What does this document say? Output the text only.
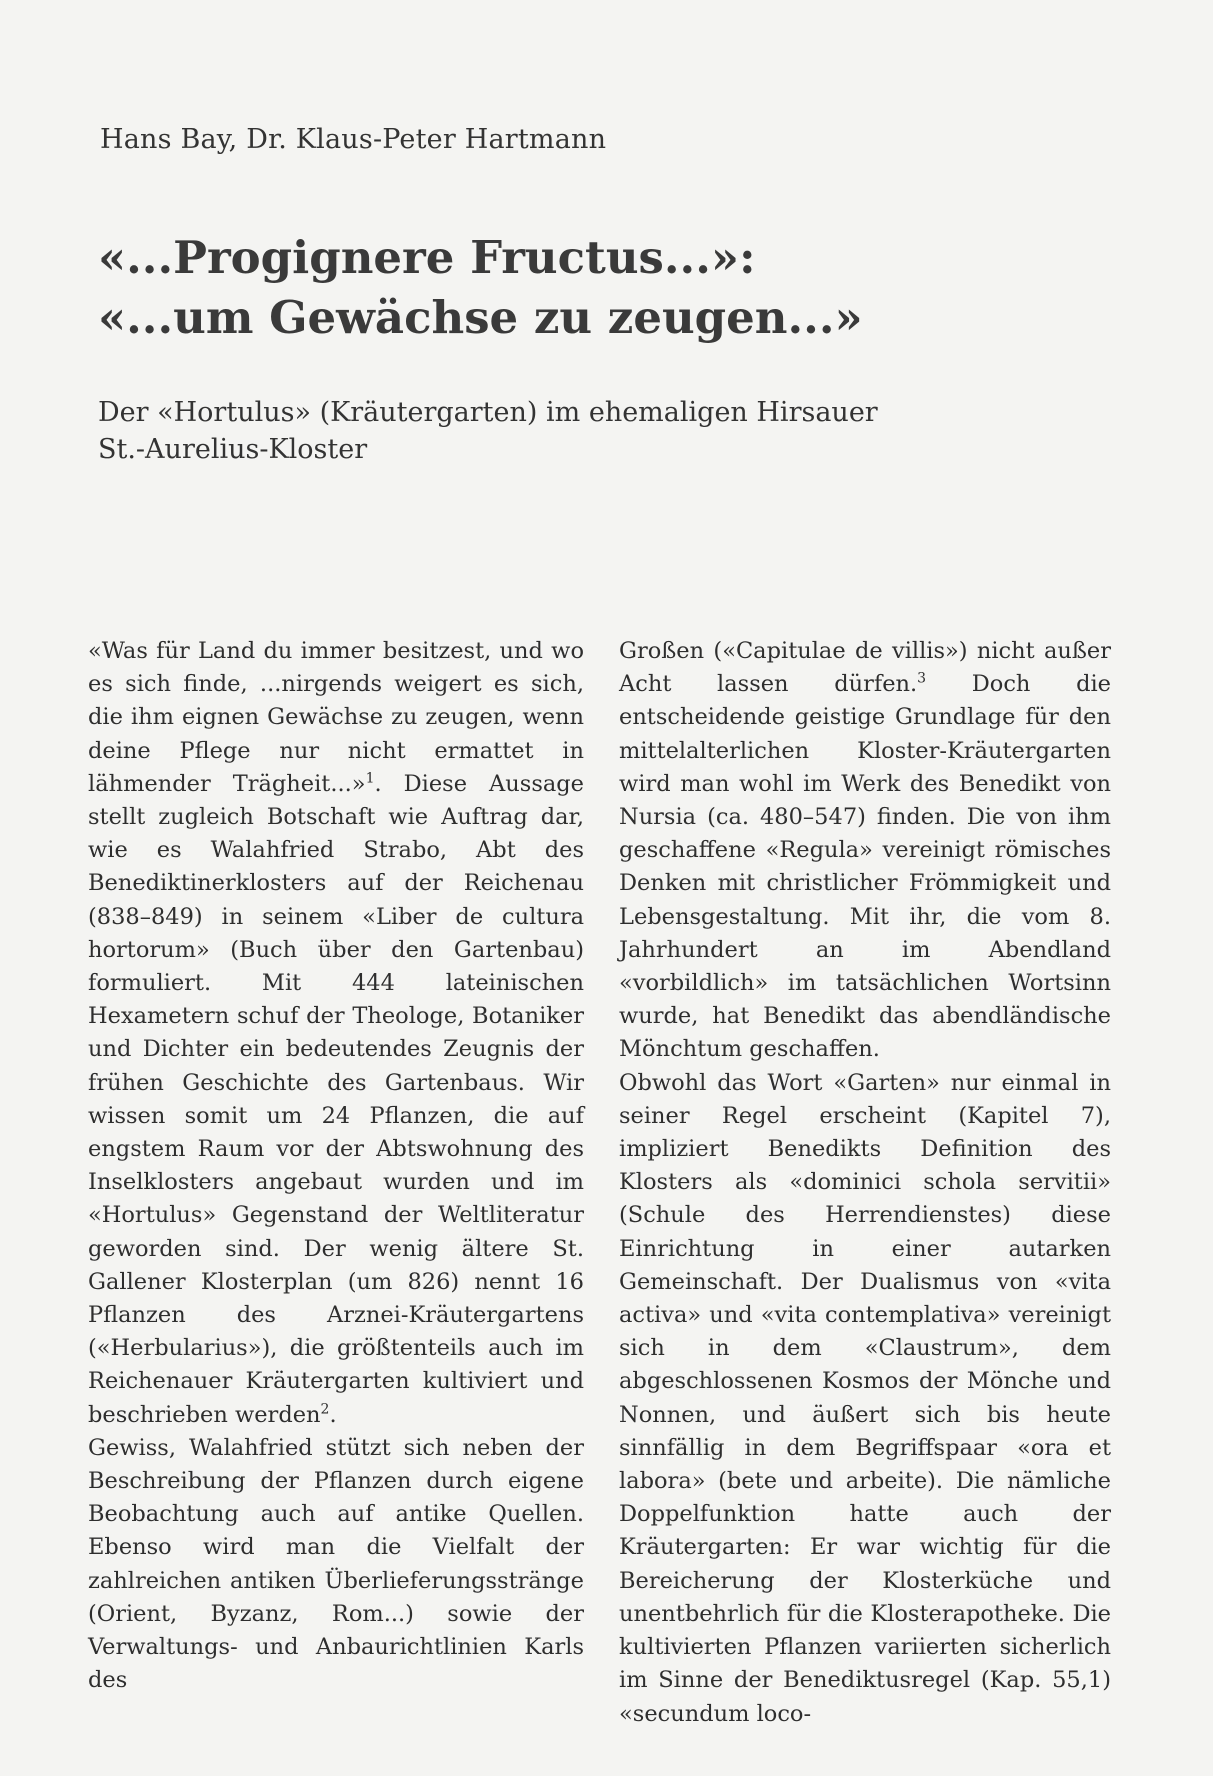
Hans Bay, Dr. Klaus-Peter Hartmann
«...Progignere Fructus...»:
«...um Gewächse zu zeugen...»
Der «Hortulus» (Kräutergarten) im ehemaligen Hirsauer
St.-Aurelius-Kloster

«Was für Land du immer besitzest, und wo es sich finde, ...nirgends weigert es sich, die ihm eignen Gewächse zu zeugen, wenn deine Pflege nur nicht ermattet in lähmender Trägheit...»$^1$. Diese Aussage stellt zugleich Botschaft wie Auftrag dar, wie es Walahfried Strabo, Abt des Benediktinerklosters auf der Reichenau (838–849) in seinem «Liber de cultura hortorum» (Buch über den Gartenbau) formuliert. Mit 444 lateinischen Hexametern schuf der Theologe, Botaniker und Dichter ein bedeutendes Zeugnis der frühen Geschichte des Gartenbaus. Wir wissen somit um 24 Pflanzen, die auf engstem Raum vor der Abtswohnung des Inselklosters angebaut wurden und im «Hortulus» Gegenstand der Weltliteratur geworden sind. Der wenig ältere St. Gallener Klosterplan (um 826) nennt 16 Pflanzen des Arznei-Kräutergartens («Herbularius»), die größtenteils auch im Reichenauer Kräutergarten kultiviert und beschrieben werden$^2$.

Gewiss, Walahfried stützt sich neben der Beschreibung der Pflanzen durch eigene Beobachtung auch auf antike Quellen. Ebenso wird man die Vielfalt der zahlreichen antiken Überlieferungsstränge (Orient, Byzanz, Rom...) sowie der Verwaltungs- und Anbaurichtlinien Karls des

Großen («Capitulae de villis») nicht außer Acht lassen dürfen.$^3$ Doch die entscheidende geistige Grundlage für den mittelalterlichen Kloster-Kräutergarten wird man wohl im Werk des Benedikt von Nursia (ca. 480–547) finden. Die von ihm geschaffene «Regula» vereinigt römisches Denken mit christlicher Frömmigkeit und Lebensgestaltung. Mit ihr, die vom 8. Jahrhundert an im Abendland «vorbildlich» im tatsächlichen Wortsinn wurde, hat Benedikt das abendländische Mönchtum geschaffen.

Obwohl das Wort «Garten» nur einmal in seiner Regel erscheint (Kapitel 7), impliziert Benedikts Definition des Klosters als «dominici schola servitii» (Schule des Herrendienstes) diese Einrichtung in einer autarken Gemeinschaft. Der Dualismus von «vita activa» und «vita contemplativa» vereinigt sich in dem «Claustrum», dem abgeschlossenen Kosmos der Mönche und Nonnen, und äußert sich bis heute sinnfällig in dem Begriffspaar «ora et labora» (bete und arbeite). Die nämliche Doppelfunktion hatte auch der Kräutergarten: Er war wichtig für die Bereicherung der Klosterküche und unentbehrlich für die Klosterapotheke. Die kultivierten Pflanzen variierten sicherlich im Sinne der Benediktusregel (Kap. 55,1) «secundum loco-
